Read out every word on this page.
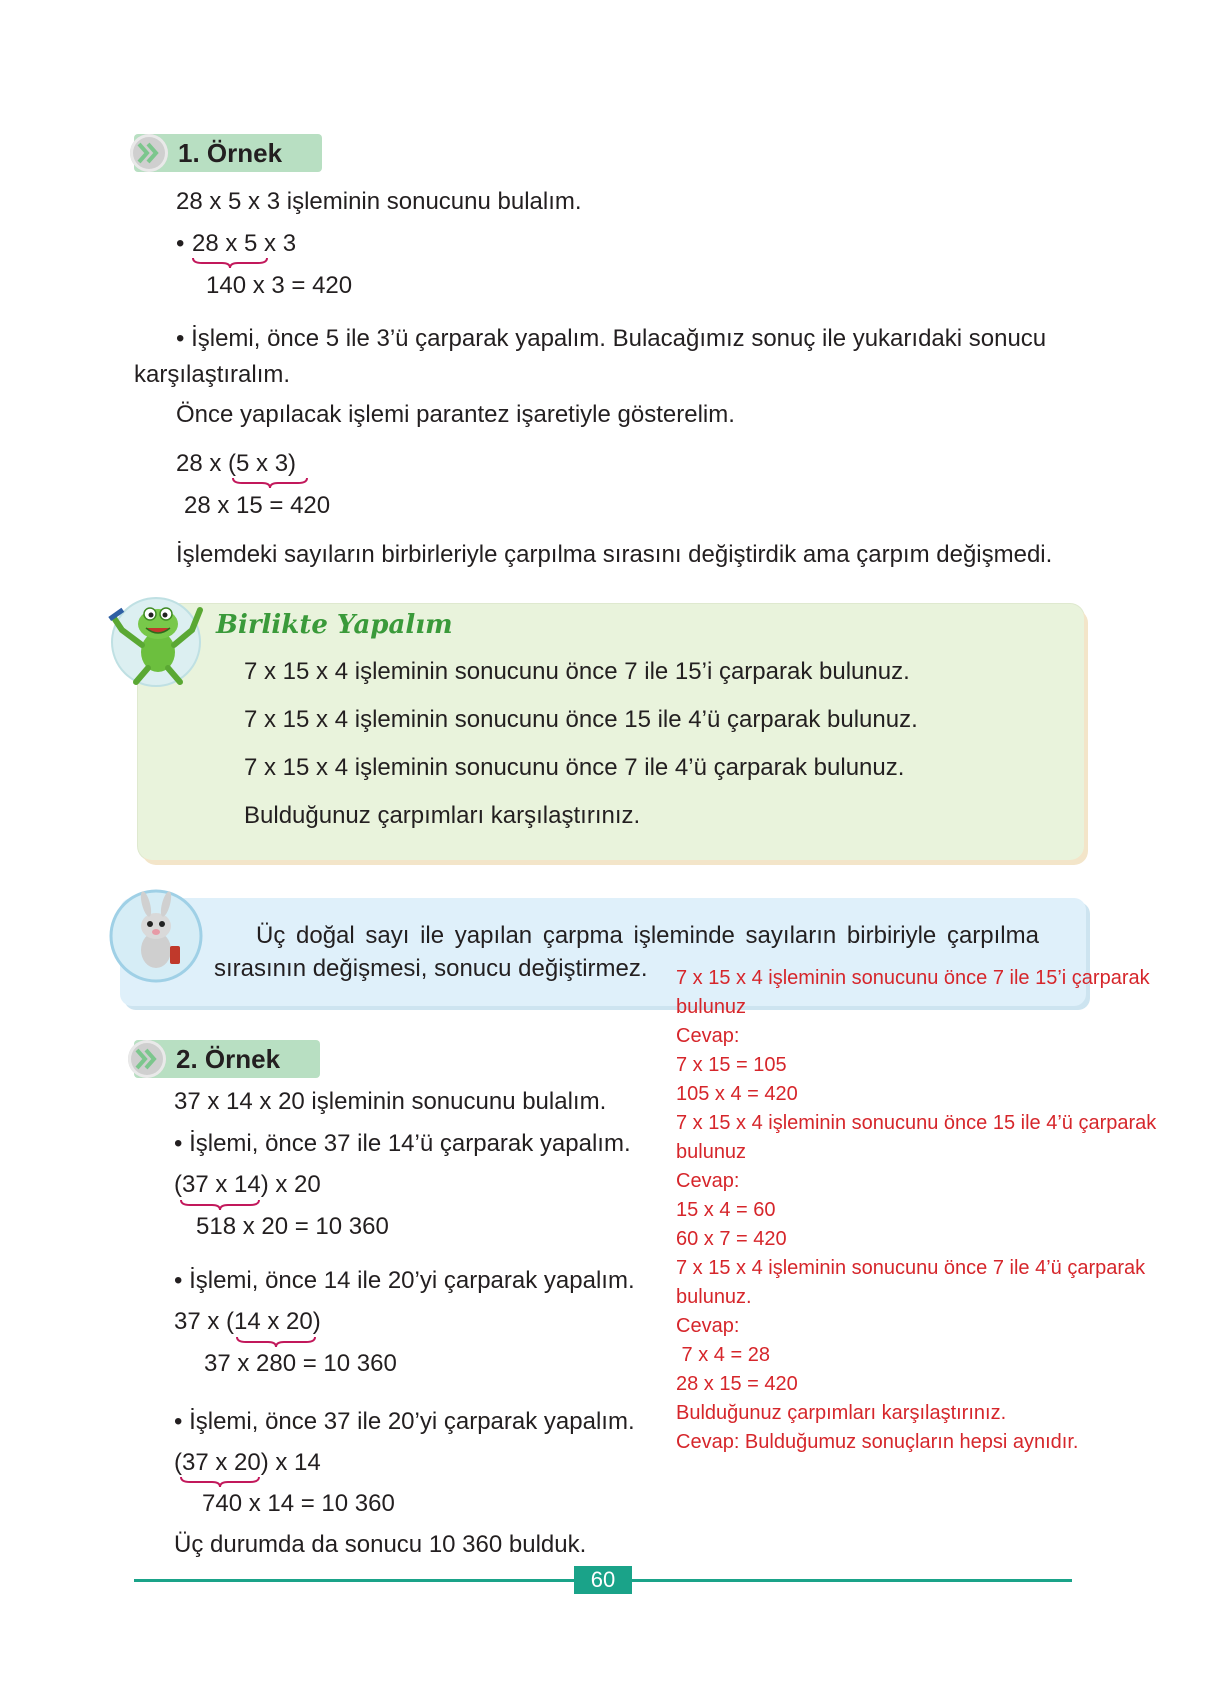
1. Örnek
28 x 5 x 3 işleminin sonucunu bulalım.
• 28 x 5 x 3
140 x 3 = 420
• İşlemi, önce 5 ile 3’ü çarparak yapalım. Bulacağımız sonuç ile yukarıdaki sonucu
karşılaştıralım.
Önce yapılacak işlemi parantez işaretiyle gösterelim.
28 x (5 x 3)
28 x 15 = 420
İşlemdeki sayıların birbirleriyle çarpılma sırasını değiştirdik ama çarpım değişmedi.
Birlikte Yapalım
7 x 15 x 4 işleminin sonucunu önce 7 ile 15’i çarparak bulunuz.
7 x 15 x 4 işleminin sonucunu önce 15 ile 4’ü çarparak bulunuz.
7 x 15 x 4 işleminin sonucunu önce 7 ile 4’ü çarparak bulunuz.
Bulduğunuz çarpımları karşılaştırınız.
Üç doğal sayı ile yapılan çarpma işleminde sayıların birbiriyle çarpılma
sırasının değişmesi, sonucu değiştirmez.
2. Örnek
37 x 14 x 20 işleminin sonucunu bulalım.
• İşlemi, önce 37 ile 14’ü çarparak yapalım.
(37 x 14) x 20
518 x 20 = 10 360
• İşlemi, önce 14 ile 20’yi çarparak yapalım.
37 x (14 x 20)
37 x 280 = 10 360
• İşlemi, önce 37 ile 20’yi çarparak yapalım.
(37 x 20) x 14
740 x 14 = 10 360
Üç durumda da sonucu 10 360 bulduk.
7 x 15 x 4 işleminin sonucunu önce 7 ile 15’i çarparak
bulunuz
Cevap:
7 x 15 = 105
105 x 4 = 420
7 x 15 x 4 işleminin sonucunu önce 15 ile 4’ü çarparak
bulunuz
Cevap:
15 x 4 = 60
60 x 7 = 420
7 x 15 x 4 işleminin sonucunu önce 7 ile 4’ü çarparak
bulunuz.
Cevap:
7 x 4 = 28
28 x 15 = 420
Bulduğunuz çarpımları karşılaştırınız.
Cevap: Bulduğumuz sonuçların hepsi aynıdır.
60
